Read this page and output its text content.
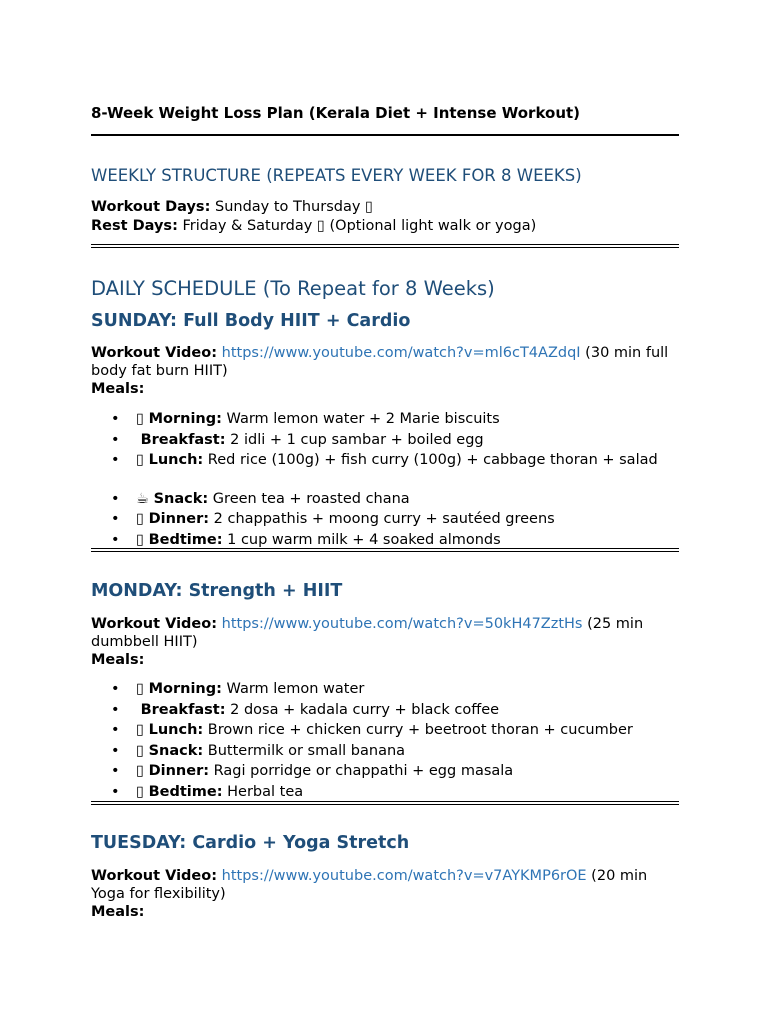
8-Week Weight Loss Plan (Kerala Diet + Intense Workout)
WEEKLY STRUCTURE (REPEATS EVERY WEEK FOR 8 WEEKS)
Workout Days: Sunday to Thursday ▯
Rest Days: Friday & Saturday ▯ (Optional light walk or yoga)
DAILY SCHEDULE (To Repeat for 8 Weeks)
SUNDAY: Full Body HIIT + Cardio
Workout Video: https://www.youtube.com/watch?v=ml6cT4AZdqI (30 min full body fat burn HIIT)
Meals:
• ▯ Morning: Warm lemon water + 2 Marie biscuits
• Breakfast: 2 idli + 1 cup sambar + boiled egg
• ▯ Lunch: Red rice (100g) + fish curry (100g) + cabbage thoran + salad
• ☕ Snack: Green tea + roasted chana
• ▯ Dinner: 2 chappathis + moong curry + sautéed greens
• ▯ Bedtime: 1 cup warm milk + 4 soaked almonds
MONDAY: Strength + HIIT
Workout Video: https://www.youtube.com/watch?v=50kH47ZztHs (25 min dumbbell HIIT)
Meals:
• ▯ Morning: Warm lemon water
• Breakfast: 2 dosa + kadala curry + black coffee
• ▯ Lunch: Brown rice + chicken curry + beetroot thoran + cucumber
• ▯ Snack: Buttermilk or small banana
• ▯ Dinner: Ragi porridge or chappathi + egg masala
• ▯ Bedtime: Herbal tea
TUESDAY: Cardio + Yoga Stretch
Workout Video: https://www.youtube.com/watch?v=v7AYKMP6rOE (20 min Yoga for flexibility)
Meals:
